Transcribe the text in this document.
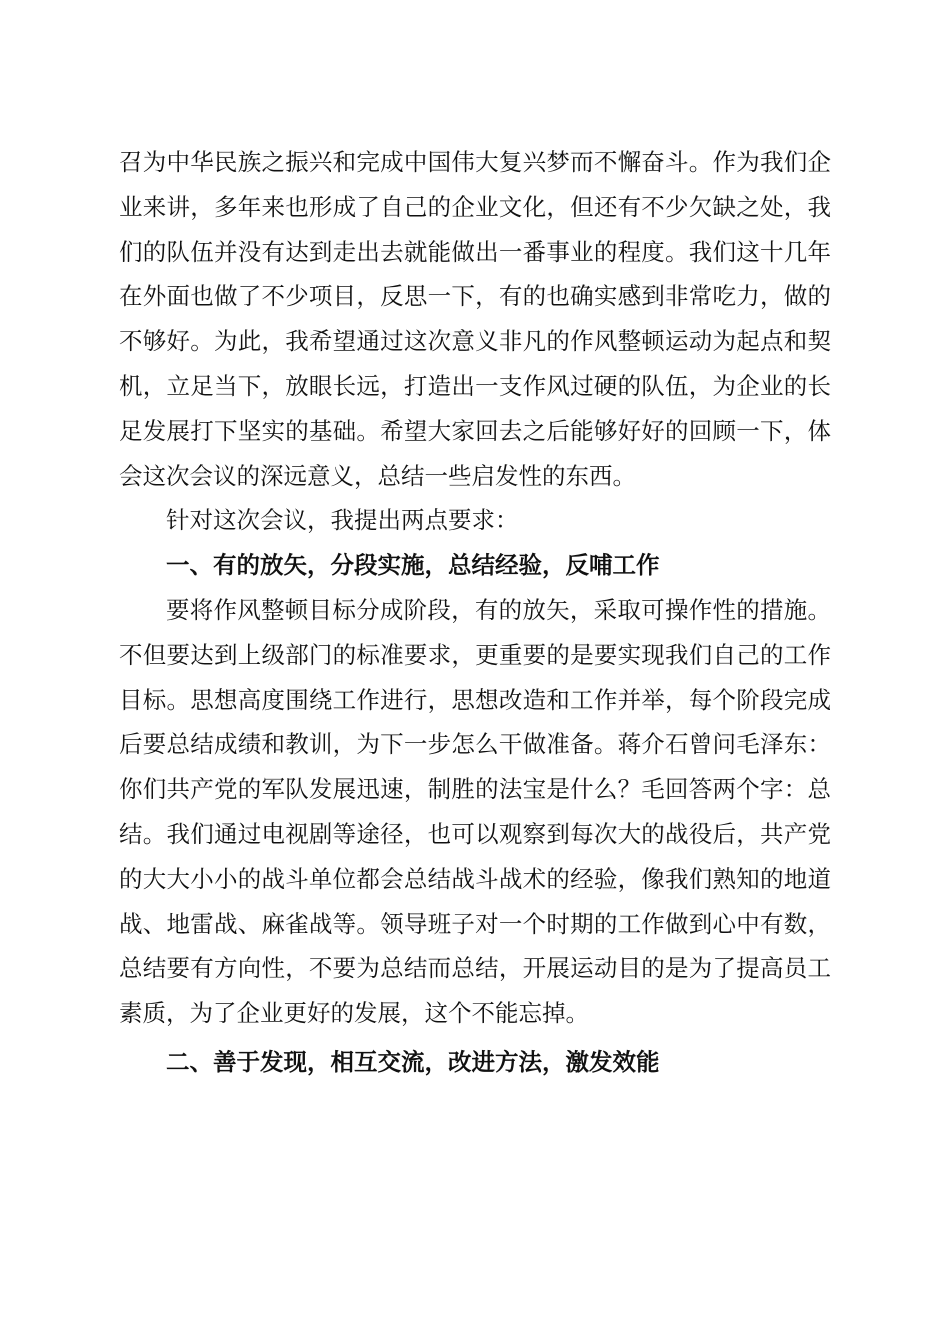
召为中华民族之振兴和完成中国伟大复兴梦而不懈奋斗。作为我们企业来讲，多年来也形成了自己的企业文化，但还有不少欠缺之处，我们的队伍并没有达到走出去就能做出一番事业的程度。我们这十几年在外面也做了不少项目，反思一下，有的也确实感到非常吃力，做的不够好。为此，我希望通过这次意义非凡的作风整顿运动为起点和契机，立足当下，放眼长远，打造出一支作风过硬的队伍，为企业的长足发展打下坚实的基础。希望大家回去之后能够好好的回顾一下，体会这次会议的深远意义，总结一些启发性的东西。

针对这次会议，我提出两点要求：

一、有的放矢，分段实施，总结经验，反哺工作

要将作风整顿目标分成阶段，有的放矢，采取可操作性的措施。不但要达到上级部门的标准要求，更重要的是要实现我们自己的工作目标。思想高度围绕工作进行，思想改造和工作并举，每个阶段完成后要总结成绩和教训，为下一步怎么干做准备。蒋介石曾问毛泽东：你们共产党的军队发展迅速，制胜的法宝是什么？毛回答两个字：总结。我们通过电视剧等途径，也可以观察到每次大的战役后，共产党的大大小小的战斗单位都会总结战斗战术的经验，像我们熟知的地道战、地雷战、麻雀战等。领导班子对一个时期的工作做到心中有数，总结要有方向性，不要为总结而总结，开展运动目的是为了提高员工素质，为了企业更好的发展，这个不能忘掉。

二、善于发现，相互交流，改进方法，激发效能
